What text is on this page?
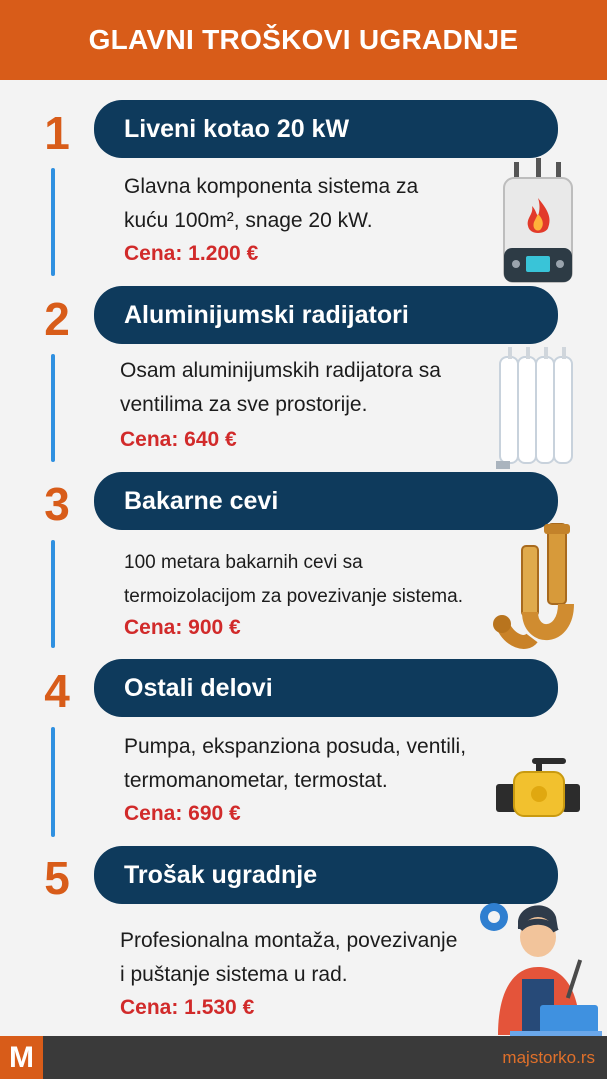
GLAVNI TROŠKOVI UGRADNJE
1	Liveni kotao 20 kW
Glavna komponenta sistema za
kuću 100m², snage 20 kW.
Cena: 1.200 €
2	Aluminijumski radijatori
Osam aluminijumskih radijatora sa
ventilima za sve prostorije.
Cena: 640 €
3	Bakarne cevi
100 metara bakarnih cevi sa
termoizolacijom za povezivanje sistema.
Cena: 900 €
4	Ostali delovi
Pumpa, ekspanziona posuda, ventili,
termomanometar, termostat.
Cena: 690 €
5	Trošak ugradnje
Profesionalna montaža, povezivanje
i puštanje sistema u rad.
Cena: 1.530 €
M	majstorko.rs
